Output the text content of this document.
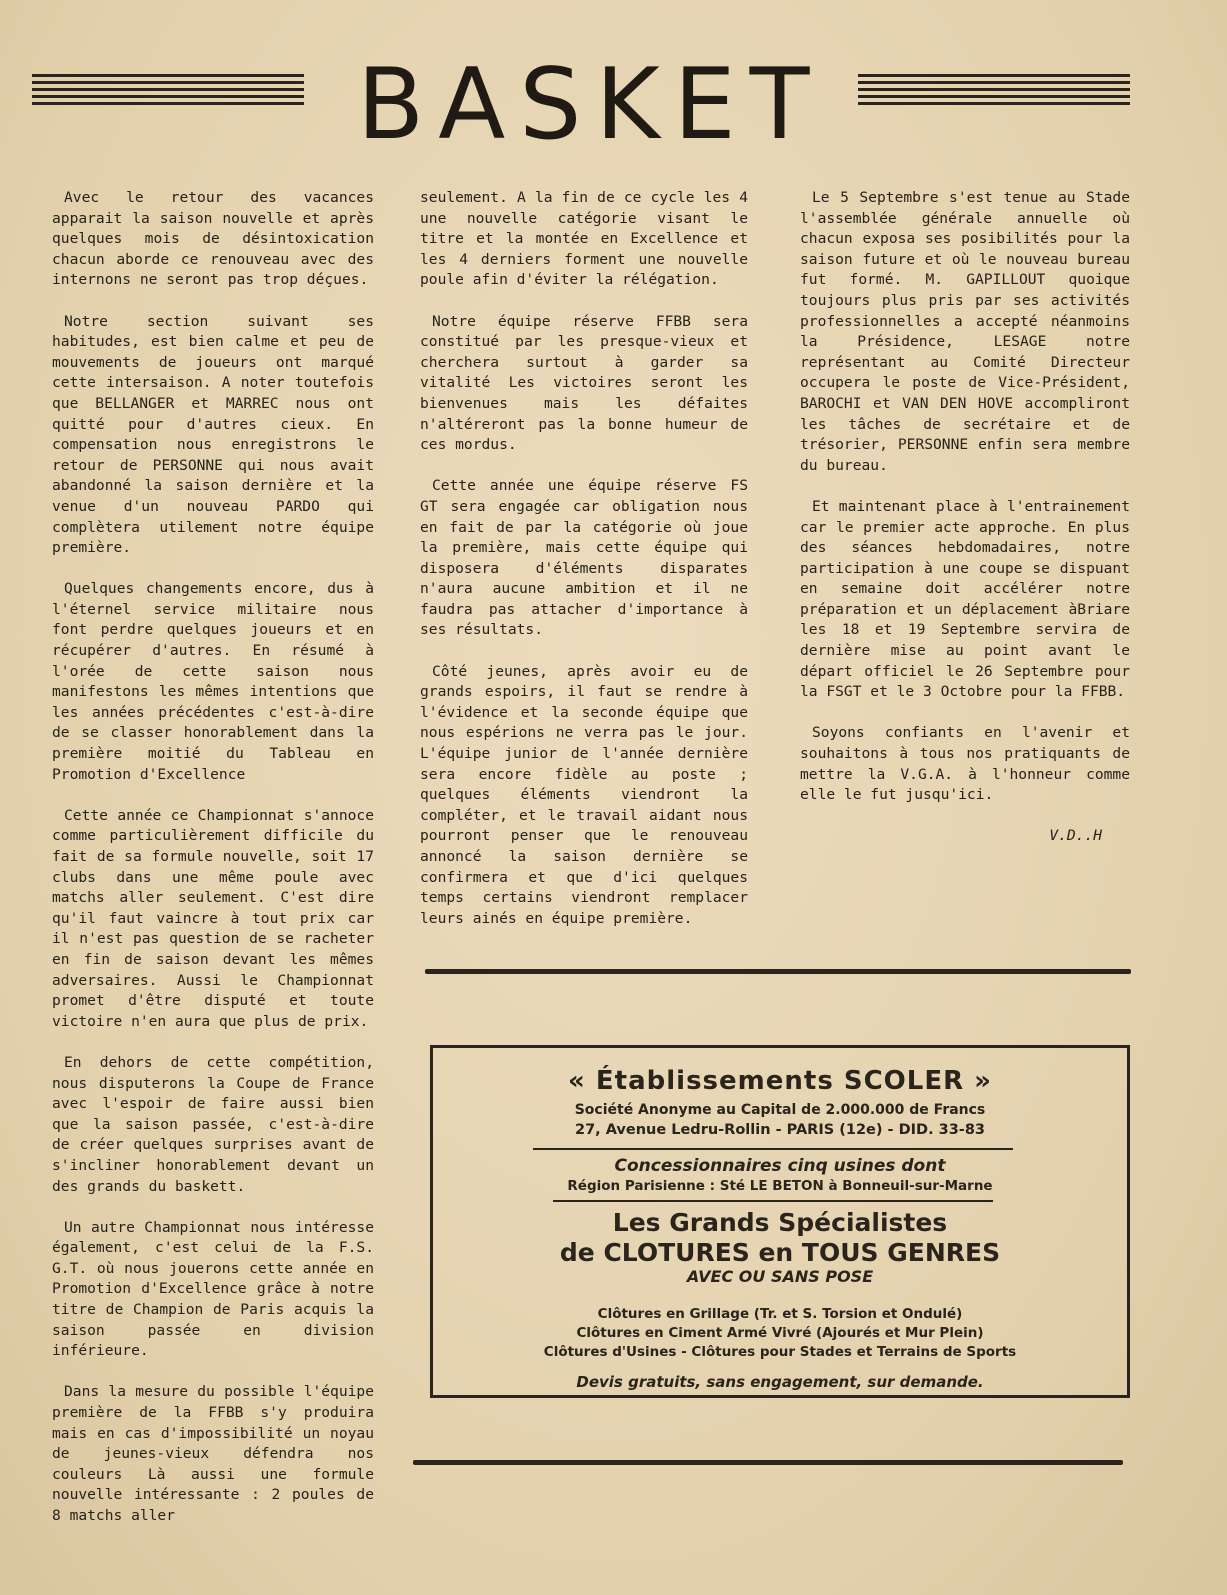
BASKET

Avec le retour des vacances apparait la saison nouvelle et après quelques mois de désintoxication chacun aborde ce renouveau avec des internons ne seront pas trop déçues.

Notre section suivant ses habitudes, est bien calme et peu de mouvements de joueurs ont marqué cette intersaison. A noter toutefois que BELLANGER et MARREC nous ont quitté pour d'autres cieux. En compensation nous enregistrons le retour de PERSONNE qui nous avait abandonné la saison dernière et la venue d'un nouveau PARDO qui complètera utilement notre équipe première.

Quelques changements encore, dus à l'éternel service militaire nous font perdre quelques joueurs et en récupérer d'autres. En résumé à l'orée de cette saison nous manifestons les mêmes intentions que les années précédentes c'est-à-dire de se classer honorablement dans la première moitié du Tableau en Promotion d'Excellence

Cette année ce Championnat s'annoce comme particulièrement difficile du fait de sa formule nouvelle, soit 17 clubs dans une même poule avec matchs aller seulement. C'est dire qu'il faut vaincre à tout prix car il n'est pas question de se racheter en fin de saison devant les mêmes adversaires. Aussi le Championnat promet d'être disputé et toute victoire n'en aura que plus de prix.

En dehors de cette compétition, nous disputerons la Coupe de France avec l'espoir de faire aussi bien que la saison passée, c'est-à-dire de créer quelques surprises avant de s'incliner honorablement devant un des grands du baskett.

Un autre Championnat nous intéresse également, c'est celui de la F.S. G.T. où nous jouerons cette année en Promotion d'Excellence grâce à notre titre de Champion de Paris acquis la saison passée en division inférieure.

Dans la mesure du possible l'équipe première de la FFBB s'y produira mais en cas d'impossibilité un noyau de jeunes-vieux défendra nos couleurs Là aussi une formule nouvelle intéressante : 2 poules de 8 matchs aller

seulement. A la fin de ce cycle les 4 une nouvelle catégorie visant le titre et la montée en Excellence et les 4 derniers forment une nouvelle poule afin d'éviter la rélégation.

Notre équipe réserve FFBB sera constitué par les presque-vieux et cherchera surtout à garder sa vitalité Les victoires seront les bienvenues mais les défaites n'altéreront pas la bonne humeur de ces mordus.

Cette année une équipe réserve FS GT sera engagée car obligation nous en fait de par la catégorie où joue la première, mais cette équipe qui disposera d'éléments disparates n'aura aucune ambition et il ne faudra pas attacher d'importance à ses résultats.

Côté jeunes, après avoir eu de grands espoirs, il faut se rendre à l'évidence et la seconde équipe que nous espérions ne verra pas le jour. L'équipe junior de l'année dernière sera encore fidèle au poste ; quelques éléments viendront la compléter, et le travail aidant nous pourront penser que le renouveau annoncé la saison dernière se confirmera et que d'ici quelques temps certains viendront remplacer leurs ainés en équipe première.

Le 5 Septembre s'est tenue au Stade l'assemblée générale annuelle où chacun exposa ses posibilités pour la saison future et où le nouveau bureau fut formé. M. GAPILLOUT quoique toujours plus pris par ses activités professionnelles a accepté néanmoins la Présidence, LESAGE notre représentant au Comité Directeur occupera le poste de Vice-Président, BAROCHI et VAN DEN HOVE accompliront les tâches de secrétaire et de trésorier, PERSONNE enfin sera membre du bureau.

Et maintenant place à l'entrainement car le premier acte approche. En plus des séances hebdomadaires, notre participation à une coupe se dispuant en semaine doit accélérer notre préparation et un déplacement àBriare les 18 et 19 Septembre servira de dernière mise au point avant le départ officiel le 26 Septembre pour la FSGT et le 3 Octobre pour la FFBB.

Soyons confiants en l'avenir et souhaitons à tous nos pratiquants de mettre la V.G.A. à l'honneur comme elle le fut jusqu'ici.

V.D..H

« Établissements SCOLER »
Société Anonyme au Capital de 2.000.000 de Francs
27, Avenue Ledru-Rollin - PARIS (12e) - DID. 33-83
Concessionnaires cinq usines dont
Région Parisienne : Sté LE BETON à Bonneuil-sur-Marne
Les Grands Spécialistes
de CLOTURES en TOUS GENRES
AVEC OU SANS POSE
Clôtures en Grillage (Tr. et S. Torsion et Ondulé)
Clôtures en Ciment Armé Vivré (Ajourés et Mur Plein)
Clôtures d'Usines - Clôtures pour Stades et Terrains de Sports
Devis gratuits, sans engagement, sur demande.
